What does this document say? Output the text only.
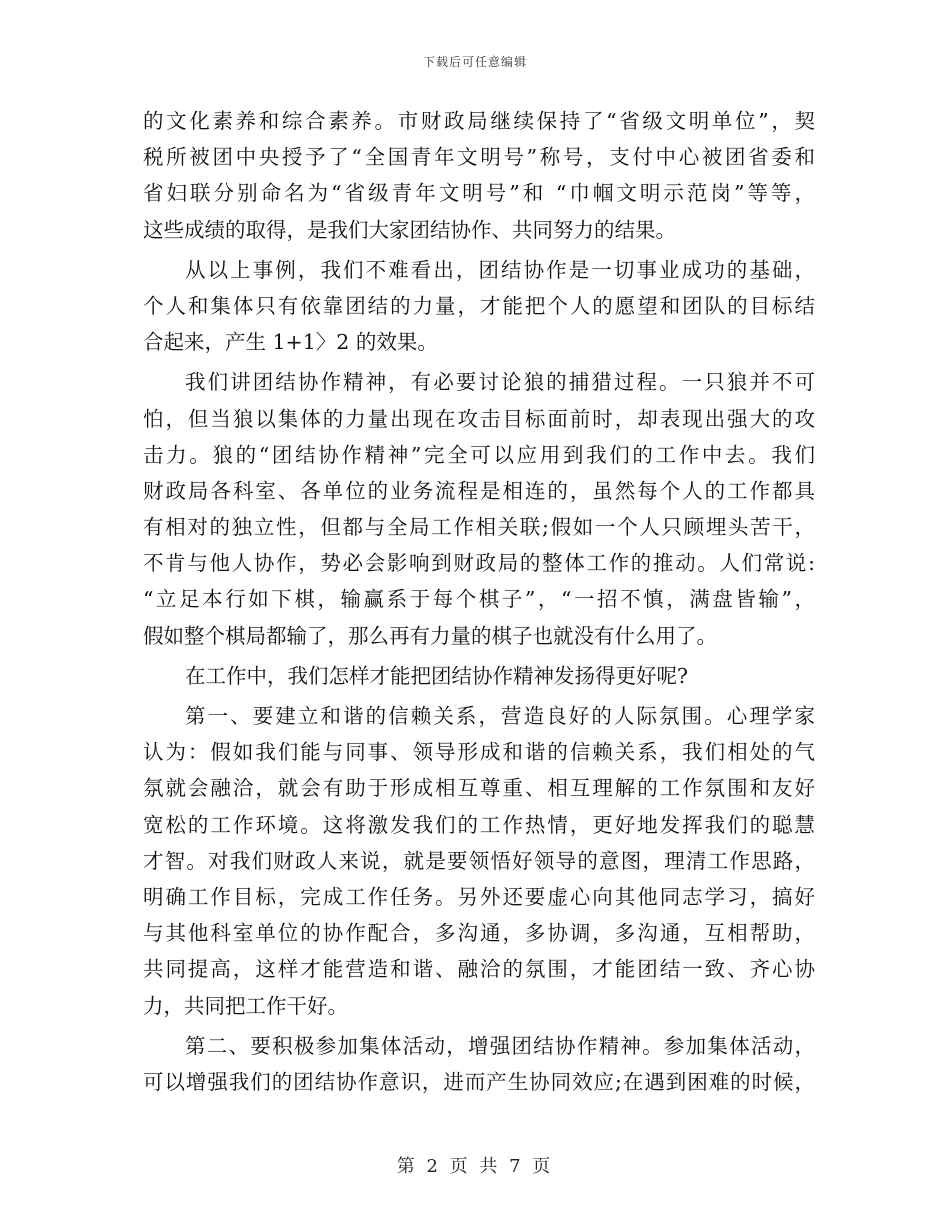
下载后可任意编辑
的文化素养和综合素养。市财政局继续保持了“省级文明单位”，契
税所被团中央授予了“全国青年文明号”称号，支付中心被团省委和
省妇联分别命名为“省级青年文明号”和 “巾帼文明示范岗”等等，
这些成绩的取得，是我们大家团结协作、共同努力的结果。
从以上事例，我们不难看出，团结协作是一切事业成功的基础，
个人和集体只有依靠团结的力量，才能把个人的愿望和团队的目标结
合起来，产生 1+1〉2 的效果。
我们讲团结协作精神，有必要讨论狼的捕猎过程。一只狼并不可
怕，但当狼以集体的力量出现在攻击目标面前时，却表现出强大的攻
击力。狼的“团结协作精神”完全可以应用到我们的工作中去。我们
财政局各科室、各单位的业务流程是相连的，虽然每个人的工作都具
有相对的独立性，但都与全局工作相关联;假如一个人只顾埋头苦干，
不肯与他人协作，势必会影响到财政局的整体工作的推动。人们常说:
“立足本行如下棋，输赢系于每个棋子”，“一招不慎，满盘皆输”，
假如整个棋局都输了，那么再有力量的棋子也就没有什么用了。
在工作中，我们怎样才能把团结协作精神发扬得更好呢?
第一、要建立和谐的信赖关系，营造良好的人际氛围。心理学家
认为：假如我们能与同事、领导形成和谐的信赖关系，我们相处的气
氛就会融洽，就会有助于形成相互尊重、相互理解的工作氛围和友好
宽松的工作环境。这将激发我们的工作热情，更好地发挥我们的聪慧
才智。对我们财政人来说，就是要领悟好领导的意图，理清工作思路，
明确工作目标，完成工作任务。另外还要虚心向其他同志学习，搞好
与其他科室单位的协作配合，多沟通，多协调，多沟通，互相帮助，
共同提高，这样才能营造和谐、融洽的氛围，才能团结一致、齐心协
力，共同把工作干好。
第二、要积极参加集体活动，增强团结协作精神。参加集体活动，
可以增强我们的团结协作意识，进而产生协同效应;在遇到困难的时候，
第 2 页 共 7 页
